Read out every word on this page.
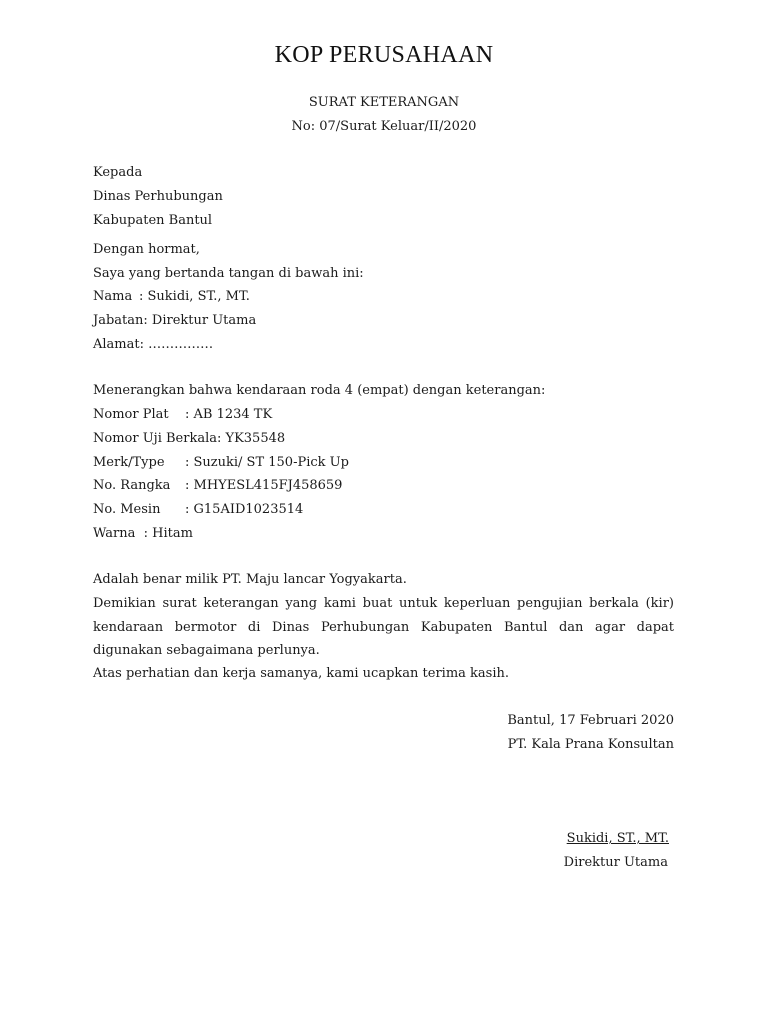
KOP PERUSAHAAN
SURAT KETERANGAN
No: 07/Surat Keluar/II/2020
Kepada
Dinas Perhubungan
Kabupaten Bantul
Dengan hormat,
Saya yang bertanda tangan di bawah ini:
Nama : Sukidi, ST., MT.
Jabatan: Direktur Utama
Alamat: ……………
Menerangkan bahwa kendaraan roda 4 (empat) dengan keterangan:
Nomor Plat : AB 1234 TK
Nomor Uji Berkala: YK35548
Merk/Type : Suzuki/ ST 150-Pick Up
No. Rangka : MHYESL415FJ458659
No. Mesin : G15AID1023514
Warna  : Hitam
Adalah benar milik PT. Maju lancar Yogyakarta.
Demikian surat keterangan yang kami buat untuk keperluan pengujian berkala (kir) kendaraan bermotor di Dinas Perhubungan Kabupaten Bantul dan agar dapat digunakan sebagaimana perlunya.
Atas perhatian dan kerja samanya, kami ucapkan terima kasih.
Bantul, 17 Februari 2020
PT. Kala Prana Konsultan
Sukidi, ST., MT.
Direktur Utama
